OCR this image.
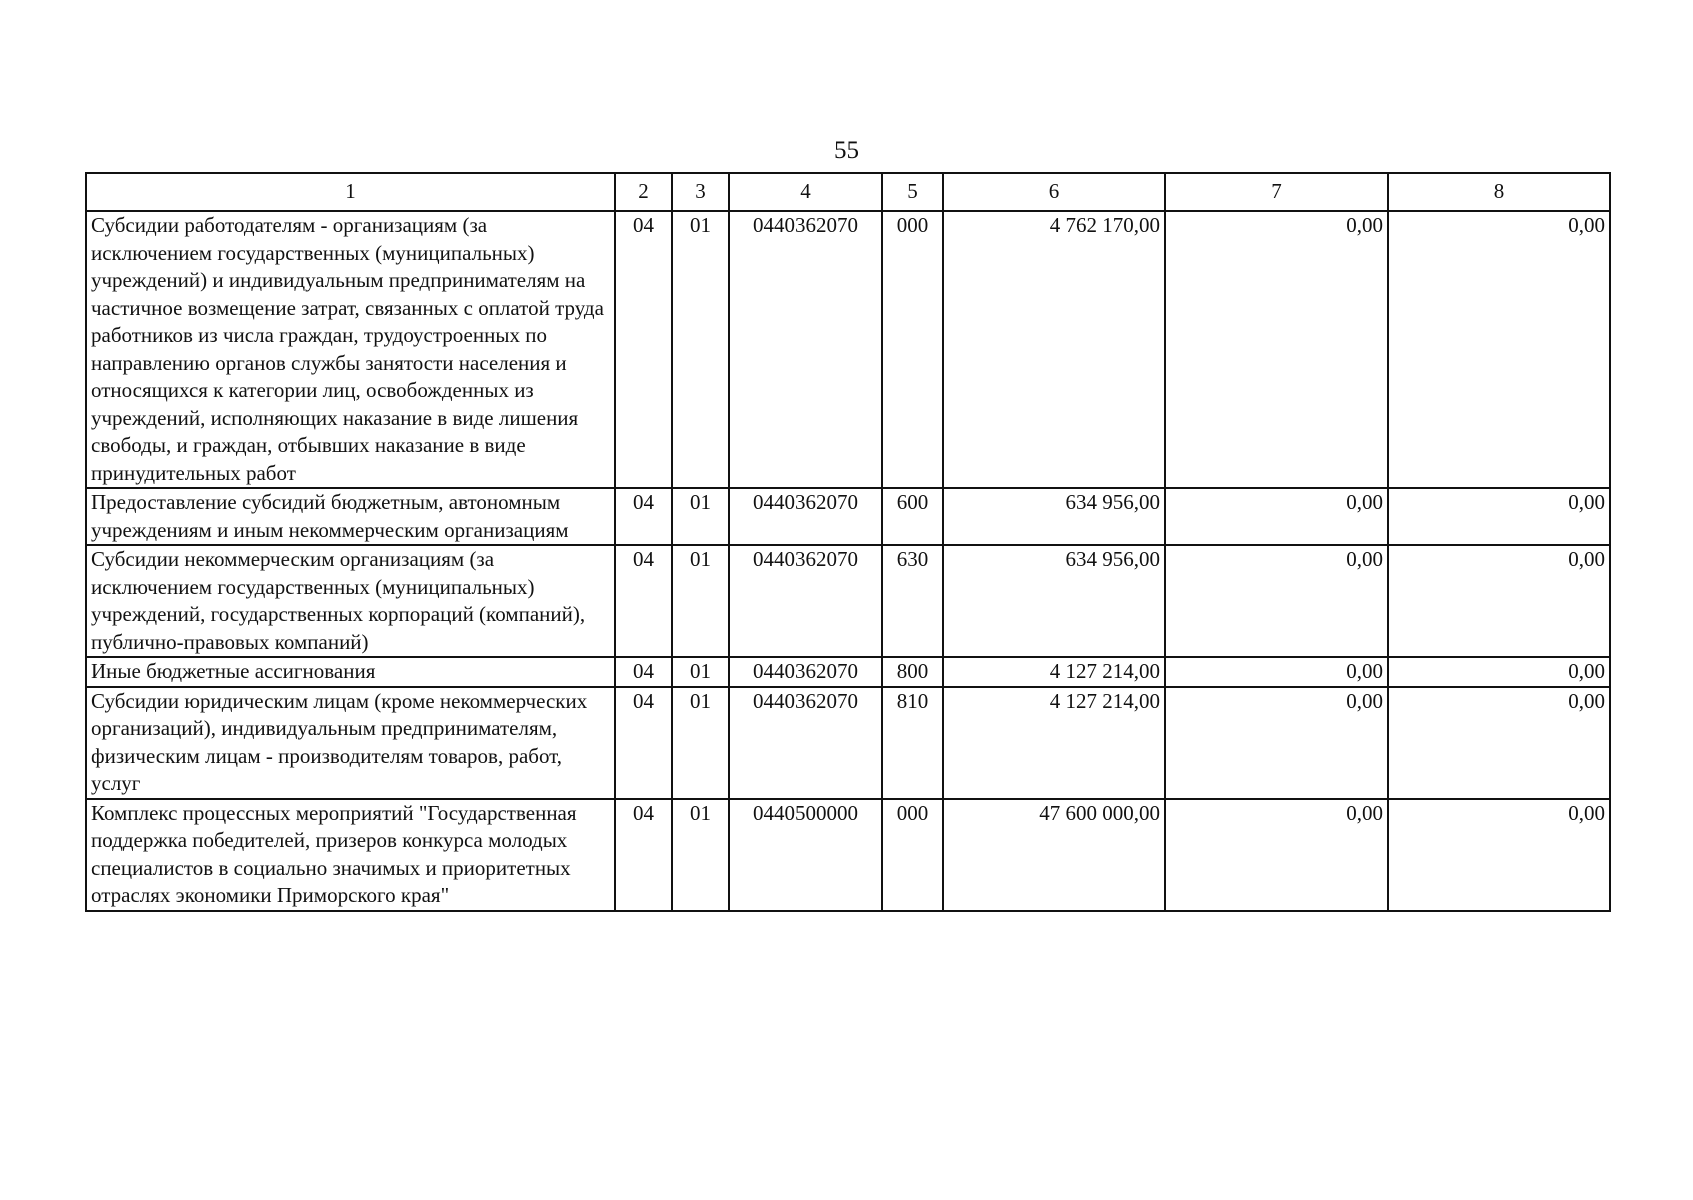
55
1	2	3	4	5	6	7	8
Субсидии работодателям - организациям (за исключением государственных (муниципальных) учреждений) и индивидуальным предпринимателям на частичное возмещение затрат, связанных с оплатой труда работников из числа граждан, трудоустроенных по направлению органов службы занятости населения и относящихся к категории лиц, освобожденных из учреждений, исполняющих наказание в виде лишения свободы, и граждан, отбывших наказание в виде принудительных работ	04	01	0440362070	000	4 762 170,00	0,00	0,00
Предоставление субсидий бюджетным, автономным учреждениям и иным некоммерческим организациям	04	01	0440362070	600	634 956,00	0,00	0,00
Субсидии некоммерческим организациям (за исключением государственных (муниципальных) учреждений, государственных корпораций (компаний), публично-правовых компаний)	04	01	0440362070	630	634 956,00	0,00	0,00
Иные бюджетные ассигнования	04	01	0440362070	800	4 127 214,00	0,00	0,00
Субсидии юридическим лицам (кроме некоммерческих организаций), индивидуальным предпринимателям, физическим лицам - производителям товаров, работ, услуг	04	01	0440362070	810	4 127 214,00	0,00	0,00
Комплекс процессных мероприятий "Государственная поддержка победителей, призеров конкурса молодых специалистов в социально значимых и приоритетных отраслях экономики Приморского края"	04	01	0440500000	000	47 600 000,00	0,00	0,00
